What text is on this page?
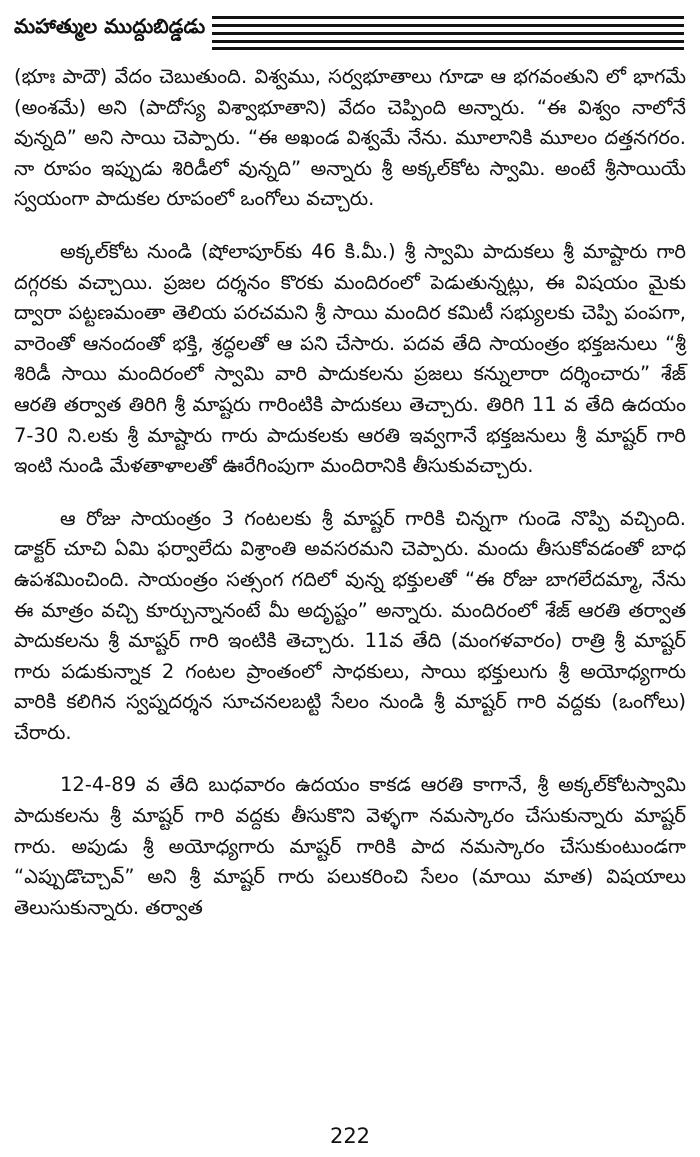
మహాత్ముల ముద్దుబిడ్డడు

(భూః పాదౌ) వేదం చెబుతుంది. విశ్వము, సర్వభూతాలు గూడా ఆ భగవంతుని లో భాగమే (అంశమే) అని (పాదోస్య విశ్వాభూతాని) వేదం చెప్పింది అన్నారు. “ఈ విశ్వం నాలోనే వున్నది” అని సాయి చెప్పారు. “ఈ అఖండ విశ్వమే నేను. మూలానికి మూలం దత్తనగరం. నా రూపం ఇప్పుడు శిరిడీలో వున్నది” అన్నారు శ్రీ అక్కల్‌కోట స్వామి. అంటే శ్రీసాయియే స్వయంగా పాదుకల రూపంలో ఒంగోలు వచ్చారు.

అక్కల్‌కోట నుండి (షోలాపూర్‌కు 46 కి.మీ.) శ్రీ స్వామి పాదుకలు శ్రీ మాష్టారు గారి దగ్గరకు వచ్చాయి. ప్రజల దర్శనం కొరకు మందిరంలో పెడుతున్నట్లు, ఈ విషయం మైకు ద్వారా పట్టణమంతా తెలియ పరచమని శ్రీ సాయి మందిర కమిటీ సభ్యులకు చెప్పి పంపగా, వారెంతో ఆనందంతో భక్తి, శ్రద్ధలతో ఆ పని చేసారు. పదవ తేది సాయంత్రం భక్తజనులు “శ్రీ శిరిడీ సాయి మందిరంలో స్వామి వారి పాదుకలను ప్రజలు కన్నులారా దర్శించారు” శేజ్ ఆరతి తర్వాత తిరిగి శ్రీ మాష్టరు గారింటికి పాదుకలు తెచ్చారు. తిరిగి 11 వ తేది ఉదయం 7-30 ని.లకు శ్రీ మాష్టారు గారు పాదుకలకు ఆరతి ఇవ్వగానే భక్తజనులు శ్రీ మాష్టర్ గారి ఇంటి నుండి మేళతాళాలతో ఊరేగింపుగా మందిరానికి తీసుకువచ్చారు.

ఆ రోజు సాయంత్రం 3 గంటలకు శ్రీ మాష్టర్ గారికి చిన్నగా గుండె నొప్పి వచ్చింది. డాక్టర్ చూచి ఏమి ఫర్వాలేదు విశ్రాంతి అవసరమని చెప్పారు. మందు తీసుకోవడంతో బాధ ఉపశమించింది. సాయంత్రం సత్సంగ గదిలో వున్న భక్తులతో “ఈ రోజు బాగలేదమ్మా, నేను ఈ మాత్రం వచ్చి కూర్చున్నానంటే మీ అదృష్టం” అన్నారు. మందిరంలో శేజ్ ఆరతి తర్వాత పాదుకలను శ్రీ మాష్టర్ గారి ఇంటికి తెచ్చారు. 11వ తేది (మంగళవారం) రాత్రి శ్రీ మాష్టర్ గారు పడుకున్నాక 2 గంటల ప్రాంతంలో సాధకులు, సాయి భక్తులుగు శ్రీ అయోధ్యగారు వారికి కలిగిన స్వప్నదర్శన సూచనలబట్టి సేలం నుండి శ్రీ మాష్టర్ గారి వద్దకు (ఒంగోలు) చేరారు.

12-4-89 వ తేది బుధవారం ఉదయం కాకడ ఆరతి కాగానే, శ్రీ అక్కల్‌కోటస్వామి పాదుకలను శ్రీ మాష్టర్ గారి వద్దకు తీసుకొని వెళ్ళగా నమస్కారం చేసుకున్నారు మాష్టర్ గారు. అపుడు శ్రీ అయోధ్యగారు మాష్టర్ గారికి పాద నమస్కారం చేసుకుంటుండగా “ఎప్పుడొచ్చావ్” అని శ్రీ మాష్టర్ గారు పలుకరించి సేలం (మాయి మాత) విషయాలు తెలుసుకున్నారు. తర్వాత

222
